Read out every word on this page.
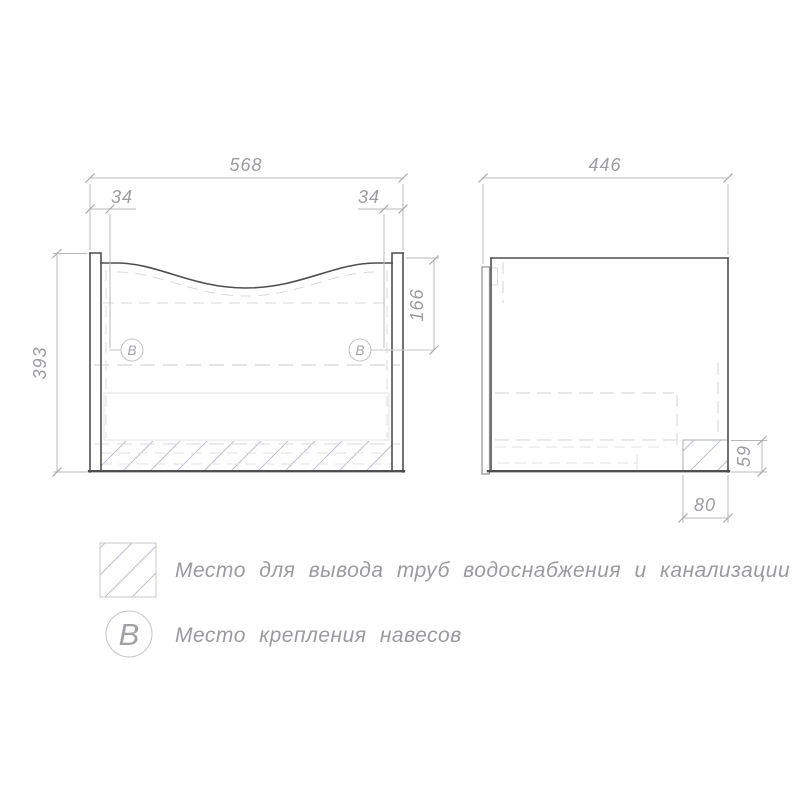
B	B
568
34	34
166
393
446
59
80
Место для вывода труб водоснабжения и канализации
B Место крепления навесов
